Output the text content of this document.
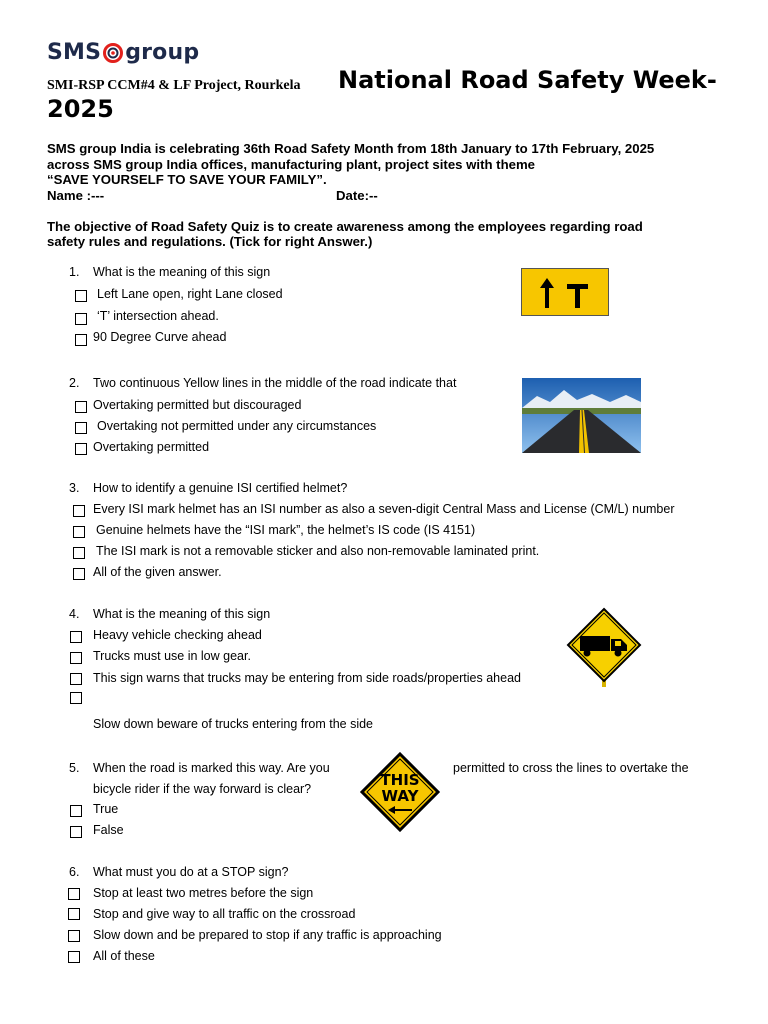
SMS group
SMI-RSP CCM#4 & LF Project, Rourkela National Road Safety Week-
2025
SMS group India is celebrating 36th Road Safety Month from 18th January to 17th February, 2025
across SMS group India offices, manufacturing plant, project sites with theme
“SAVE YOURSELF TO SAVE YOUR FAMILY”.
Name :---	Date:--
The objective of Road Safety Quiz is to create awareness among the employees regarding road
safety rules and regulations. (Tick for right Answer.)
1. What is the meaning of this sign
Left Lane open, right Lane closed
‘T’ intersection ahead.
90 Degree Curve ahead
2. Two continuous Yellow lines in the middle of the road indicate that
Overtaking permitted but discouraged
Overtaking not permitted under any circumstances
Overtaking permitted
3. How to identify a genuine ISI certified helmet?
Every ISI mark helmet has an ISI number as also a seven-digit Central Mass and License (CM/L) number
Genuine helmets have the “ISI mark”, the helmet’s IS code (IS 4151)
The ISI mark is not a removable sticker and also non-removable laminated print.
All of the given answer.
4. What is the meaning of this sign
Heavy vehicle checking ahead
Trucks must use in low gear.
This sign warns that trucks may be entering from side roads/properties ahead
Slow down beware of trucks entering from the side
5. When the road is marked this way. Are you	permitted to cross the lines to overtake the
bicycle rider if the way forward is clear?
True
False
THIS
WAY
6. What must you do at a STOP sign?
Stop at least two metres before the sign
Stop and give way to all traffic on the crossroad
Slow down and be prepared to stop if any traffic is approaching
All of these
